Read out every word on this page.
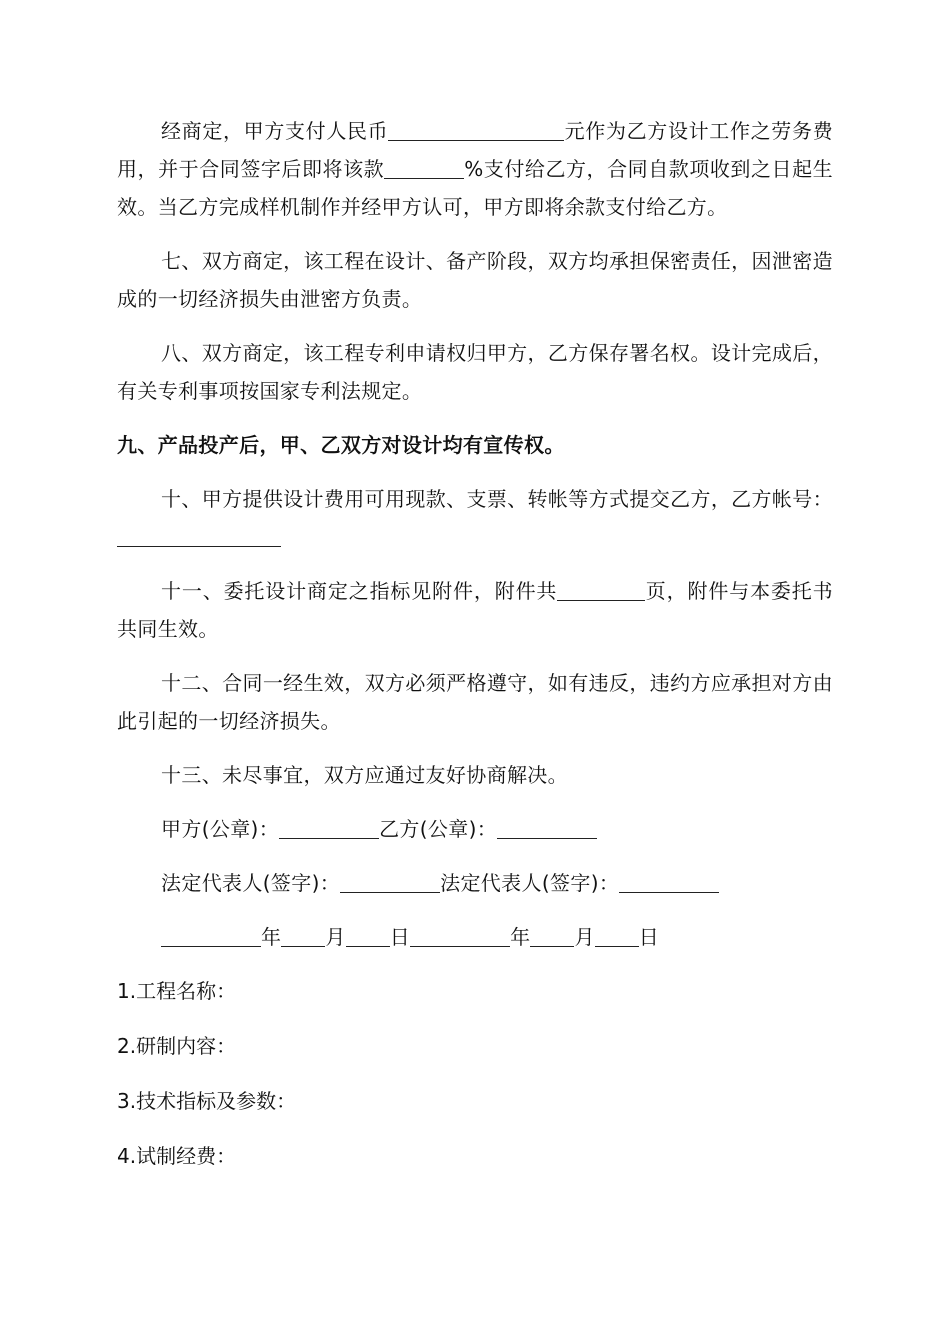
经商定，甲方支付人民币	元作为乙方设计工作之劳务费用，并于合同签字后即将该款	%支付给乙方，合同自款项收到之日起生效。当乙方完成样机制作并经甲方认可，甲方即将余款支付给乙方。

七、双方商定，该工程在设计、备产阶段，双方均承担保密责任，因泄密造成的一切经济损失由泄密方负责。

八、双方商定，该工程专利申请权归甲方，乙方保存署名权。设计完成后，有关专利事项按国家专利法规定。

九、产品投产后，甲、乙双方对设计均有宣传权。

十、甲方提供设计费用可用现款、支票、转帐等方式提交乙方，乙方帐号：

十一、委托设计商定之指标见附件，附件共	页，附件与本委托书共同生效。

十二、合同一经生效，双方必须严格遵守，如有违反，违约方应承担对方由此引起的一切经济损失。

十三、未尽事宜，双方应通过友好协商解决。

甲方(公章)：	乙方(公章)：
法定代表人(签字)：	法定代表人(签字)：
年 月 日	年 月 日
1.工程名称：
2.研制内容：
3.技术指标及参数：
4.试制经费：
